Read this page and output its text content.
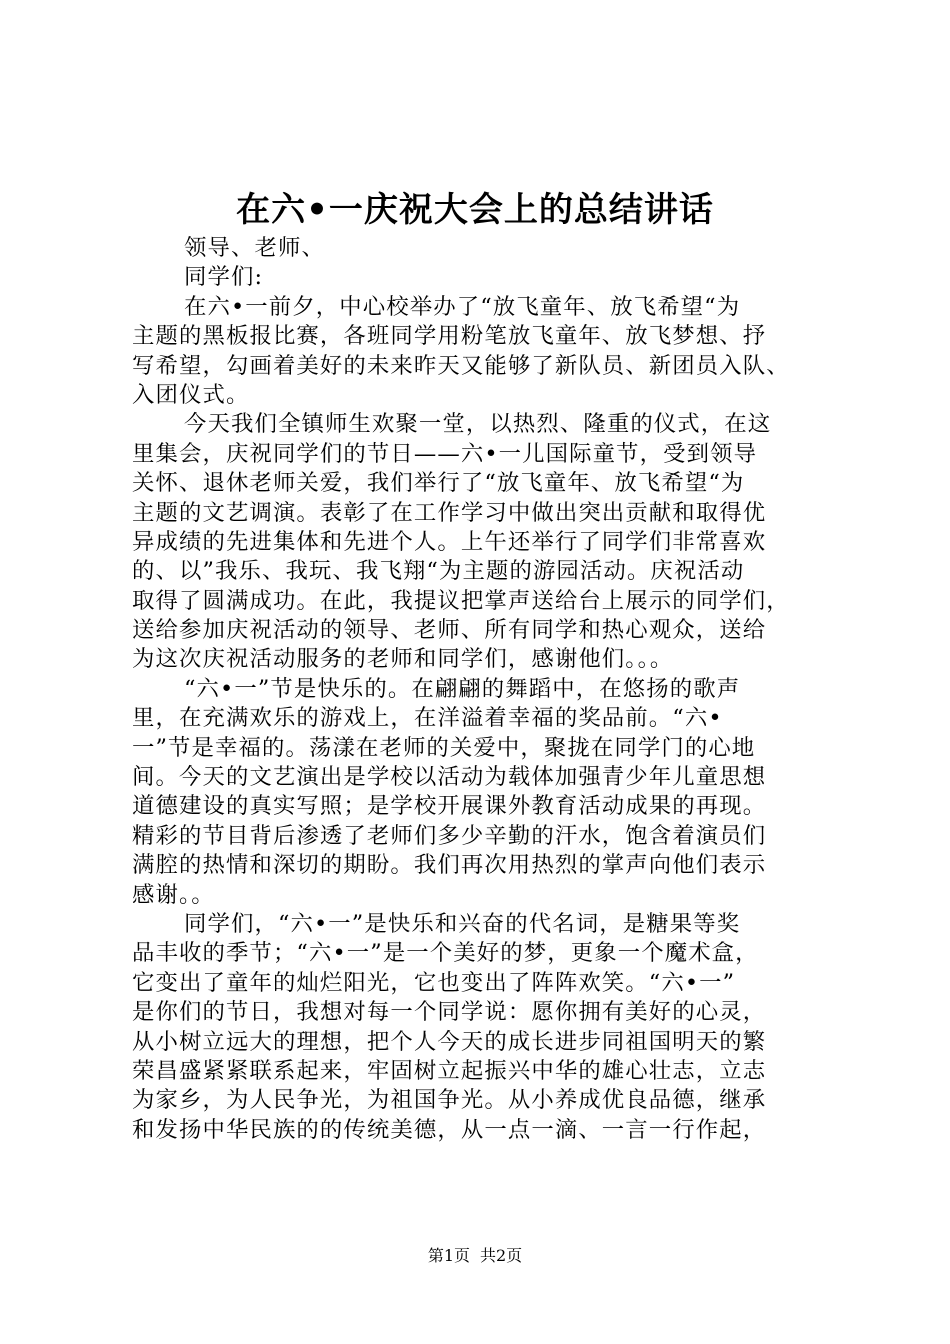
在六•一庆祝大会上的总结讲话
领导、老师、
同学们:
在六•一前夕，中心校举办了“放飞童年、放飞希望“为
主题的黑板报比赛，各班同学用粉笔放飞童年、放飞梦想、抒
写希望，勾画着美好的未来昨天又能够了新队员、新团员入队、
入团仪式。
今天我们全镇师生欢聚一堂，以热烈、隆重的仪式，在这
里集会，庆祝同学们的节日——六•一儿国际童节，受到领导
关怀、退休老师关爱，我们举行了“放飞童年、放飞希望“为
主题的文艺调演。表彰了在工作学习中做出突出贡献和取得优
异成绩的先进集体和先进个人。上午还举行了同学们非常喜欢
的、以”我乐、我玩、我飞翔“为主题的游园活动。庆祝活动
取得了圆满成功。在此，我提议把掌声送给台上展示的同学们，
送给参加庆祝活动的领导、老师、所有同学和热心观众，送给
为这次庆祝活动服务的老师和同学们，感谢他们。。。
“六•一”节是快乐的。在翩翩的舞蹈中，在悠扬的歌声
里，在充满欢乐的游戏上，在洋溢着幸福的奖品前。“六•
一”节是幸福的。荡漾在老师的关爱中，聚拢在同学门的心地
间。今天的文艺演出是学校以活动为载体加强青少年儿童思想
道德建设的真实写照；是学校开展课外教育活动成果的再现。
精彩的节目背后渗透了老师们多少辛勤的汗水，饱含着演员们
满腔的热情和深切的期盼。我们再次用热烈的掌声向他们表示
感谢。。
同学们，“六•一”是快乐和兴奋的代名词，是糖果等奖
品丰收的季节；“六•一”是一个美好的梦，更象一个魔术盒，
它变出了童年的灿烂阳光，它也变出了阵阵欢笑。“六•一”
是你们的节日，我想对每一个同学说：愿你拥有美好的心灵，
从小树立远大的理想，把个人今天的成长进步同祖国明天的繁
荣昌盛紧紧联系起来，牢固树立起振兴中华的雄心壮志，立志
为家乡，为人民争光，为祖国争光。从小养成优良品德，继承
和发扬中华民族的的传统美德，从一点一滴、一言一行作起，
第1页 共2页
